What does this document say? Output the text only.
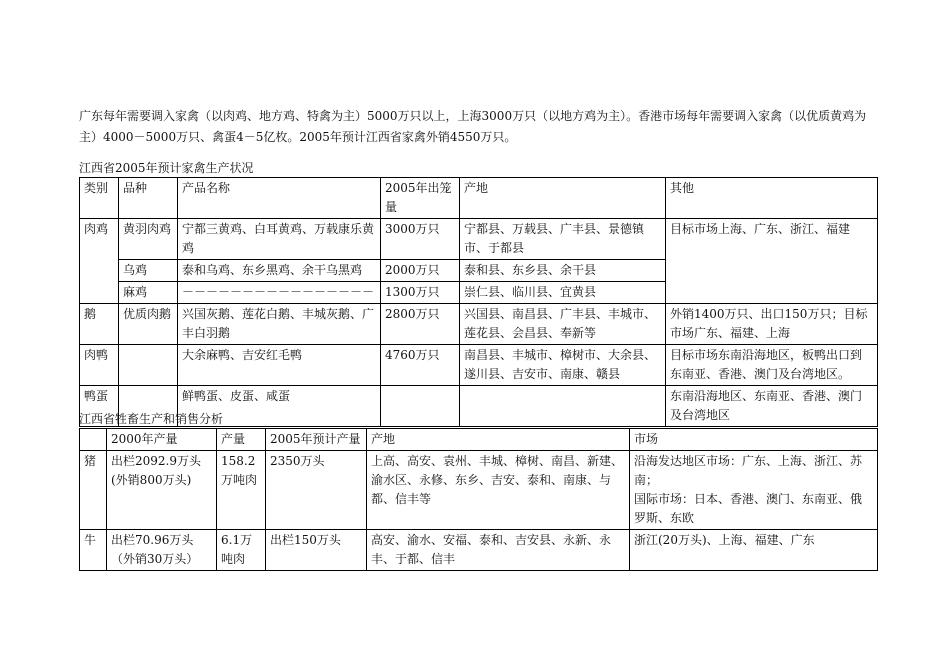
广东每年需要调入家禽（以肉鸡、地方鸡、特禽为主）5000万只以上，上海3000万只（以地方鸡为主）。香港市场每年需要调入家禽（以优质黄鸡为主）4000－5000万只、禽蛋4－5亿枚。2005年预计江西省家禽外销4550万只。
江西省2005年预计家禽生产状况
类别	品种	产品名称	2005年出笼量	产地	其他
肉鸡	黄羽肉鸡	宁都三黄鸡、白耳黄鸡、万载康乐黄鸡	3000万只	宁都县、万载县、广丰县、景德镇市、于都县	目标市场上海、广东、浙江、福建
	乌鸡	泰和乌鸡、东乡黑鸡、余干乌黑鸡	2000万只	泰和县、东乡县、余干县	
	麻鸡	－－－－－－－－－－－－－－－－	1300万只	崇仁县、临川县、宜黄县	
鹅	优质肉鹅	兴国灰鹅、莲花白鹅、丰城灰鹅、广丰白羽鹅	2800万只	兴国县、南昌县、广丰县、丰城市、莲花县、会昌县、奉新等	外销1400万只、出口150万只；目标市场广东、福建、上海
肉鸭		大余麻鸭、吉安红毛鸭	4760万只	南昌县、丰城市、樟树市、大余县、遂川县、吉安市、南康、赣县	目标市场东南沿海地区，板鸭出口到东南亚、香港、澳门及台湾地区。
鸭蛋		鲜鸭蛋、皮蛋、咸蛋			东南沿海地区、东南亚、香港、澳门及台湾地区
江西省牲畜生产和销售分析
	2000年产量	产量	2005年预计产量	产地	市场
猪	出栏2092.9万头(外销800万头)	158.2万吨肉	2350万头	上高、高安、袁州、丰城、樟树、南昌、新建、渝水区、永修、东乡、吉安、泰和、南康、与都、信丰等	沿海发达地区市场：广东、上海、浙江、苏南；
国际市场：日本、香港、澳门、东南亚、俄罗斯、东欧

牛	出栏70.96万头（外销30万头）	6.1万吨肉	出栏150万头	高安、渝水、安福、泰和、吉安县、永新、永丰、于都、信丰	浙江(20万头)、上海、福建、广东
